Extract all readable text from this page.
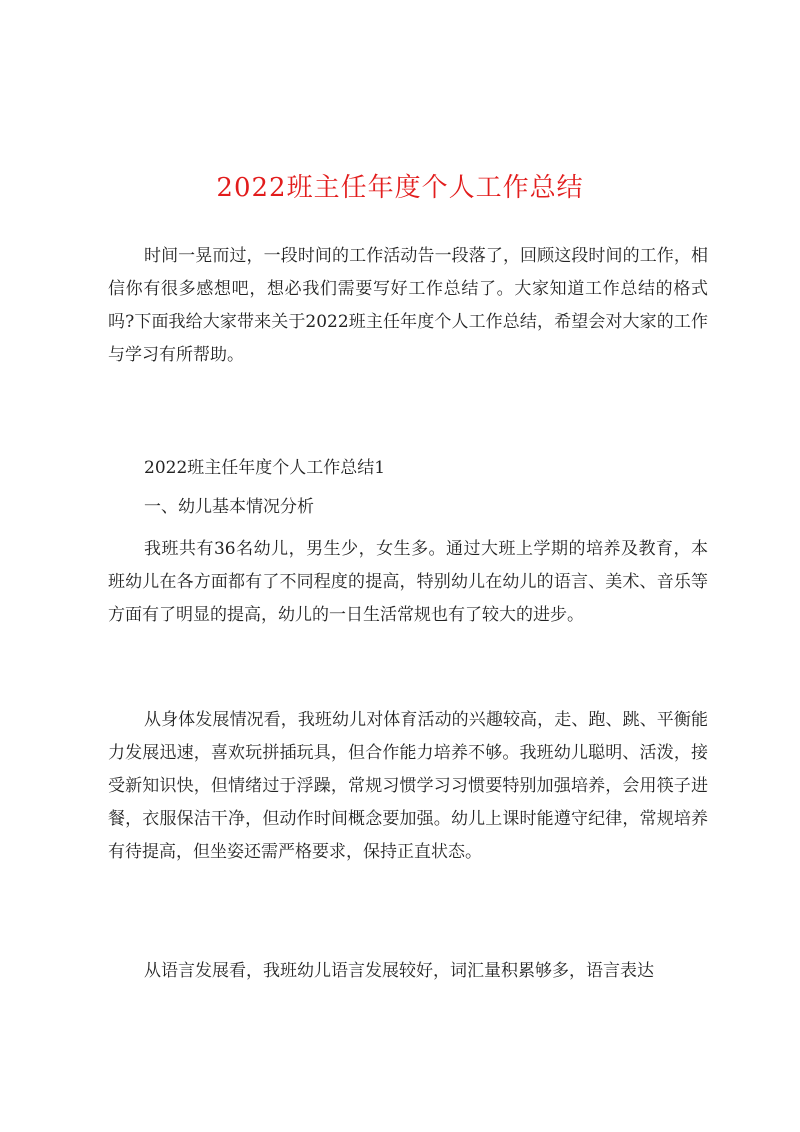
2022班主任年度个人工作总结

时间一晃而过，一段时间的工作活动告一段落了，回顾这段时间的工作，相信你有很多感想吧，想必我们需要写好工作总结了。大家知道工作总结的格式吗?下面我给大家带来关于2022班主任年度个人工作总结，希望会对大家的工作与学习有所帮助。

2022班主任年度个人工作总结1

一、幼儿基本情况分析

我班共有36名幼儿，男生少，女生多。通过大班上学期的培养及教育，本班幼儿在各方面都有了不同程度的提高，特别幼儿在幼儿的语言、美术、音乐等方面有了明显的提高，幼儿的一日生活常规也有了较大的进步。

从身体发展情况看，我班幼儿对体育活动的兴趣较高，走、跑、跳、平衡能力发展迅速，喜欢玩拼插玩具，但合作能力培养不够。我班幼儿聪明、活泼，接受新知识快，但情绪过于浮躁，常规习惯学习习惯要特别加强培养，会用筷子进餐，衣服保洁干净，但动作时间概念要加强。幼儿上课时能遵守纪律，常规培养有待提高，但坐姿还需严格要求，保持正直状态。

从语言发展看，我班幼儿语言发展较好，词汇量积累够多，语言表达
